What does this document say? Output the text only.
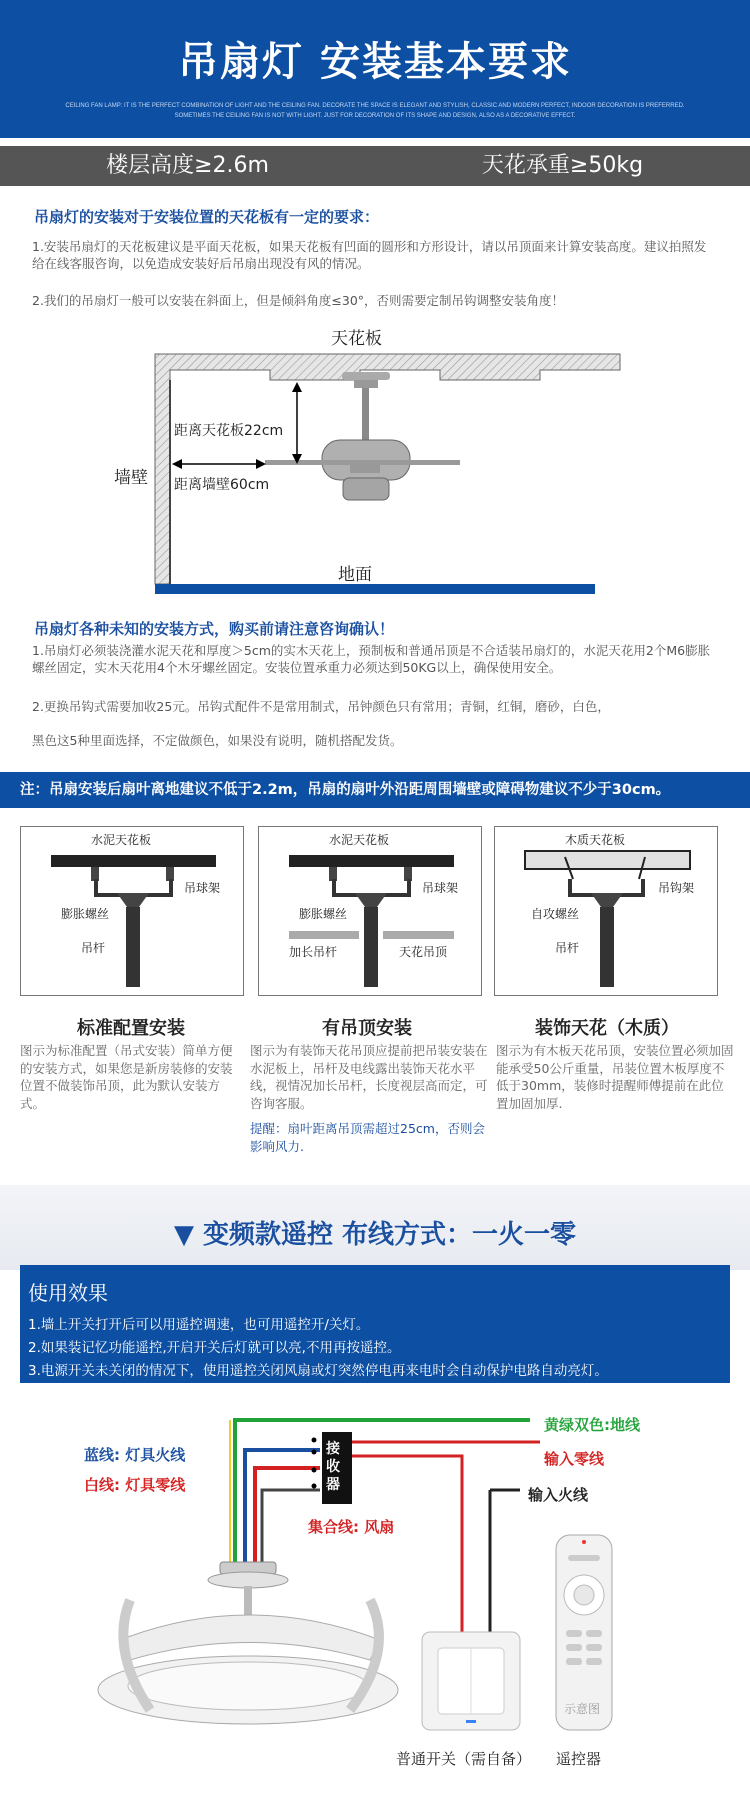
吊扇灯 安装基本要求
CEILING FAN LAMP: IT IS THE PERFECT COMBINATION OF LIGHT AND THE CEILING FAN. DECORATE THE SPACE IS ELEGANT AND STYLISH, CLASSIC AND MODERN PERFECT, INDOOR DECORATION IS PREFERRED.
SOMETIMES THE CEILING FAN IS NOT WITH LIGHT. JUST FOR DECORATION OF ITS SHAPE AND DESIGN, ALSO AS A DECORATIVE EFFECT.
楼层高度≥2.6m	天花承重≥50kg
吊扇灯的安装对于安装位置的天花板有一定的要求：
1.安装吊扇灯的天花板建议是平面天花板，如果天花板有凹面的圆形和方形设计，请以吊顶面来计算安装高度。建议拍照发给在线客服咨询，以免造成安装好后吊扇出现没有风的情况。
2.我们的吊扇灯一般可以安装在斜面上，但是倾斜角度≤30°，否则需要定制吊钩调整安装角度！
天花板
墙壁
地面
距离天花板22cm
距离墙壁60cm
吊扇灯各种未知的安装方式，购买前请注意咨询确认！
1.吊扇灯必须装浇灌水泥天花和厚度＞5cm的实木天花上，预制板和普通吊顶是不合适装吊扇灯的，水泥天花用2个M6膨胀螺丝固定，实木天花用4个木牙螺丝固定。安装位置承重力必须达到50KG以上，确保使用安全。
2.更换吊钩式需要加收25元。吊钩式配件不是常用制式，吊钟颜色只有常用；青铜，红铜，磨砂，白色，
黑色这5种里面选择，不定做颜色，如果没有说明，随机搭配发货。
注：吊扇安装后扇叶离地建议不低于2.2m，吊扇的扇叶外沿距周围墙壁或障碍物建议不少于30cm。
水泥天花板
吊球架
膨胀螺丝
吊杆
水泥天花板
吊球架
膨胀螺丝
加长吊杆	天花吊顶
木质天花板
吊钩架
自攻螺丝
吊杆
标准配置安装
图示为标准配置（吊式安装）简单方便的安装方式，如果您是新房装修的安装位置不做装饰吊顶，此为默认安装方式。
有吊顶安装
图示为有装饰天花吊顶应提前把吊装安装在水泥板上，吊杆及电线露出装饰天花水平线，视情况加长吊杆，长度视层高而定，可咨询客服。
提醒：扇叶距离吊顶需超过25cm，否则会影响风力.
装饰天花（木质）
图示为有木板天花吊顶，安装位置必须加固能承受50公斤重量，吊装位置木板厚度不低于30mm，装修时提醒师傅提前在此位置加固加厚.
▼ 变频款遥控 布线方式：一火一零
使用效果

1.墙上开关打开后可以用遥控调速，也可用遥控开/关灯。

2.如果装记忆功能遥控,开启开关后灯就可以亮,不用再按遥控。

3.电源开关未关闭的情况下，使用遥控关闭风扇或灯突然停电再来电时会自动保护电路自动亮灯。

接收器
蓝线: 灯具火线
白线: 灯具零线
集合线: 风扇
黄绿双色:地线
输入零线
输入火线
普通开关（需自备） 遥控器
示意图
